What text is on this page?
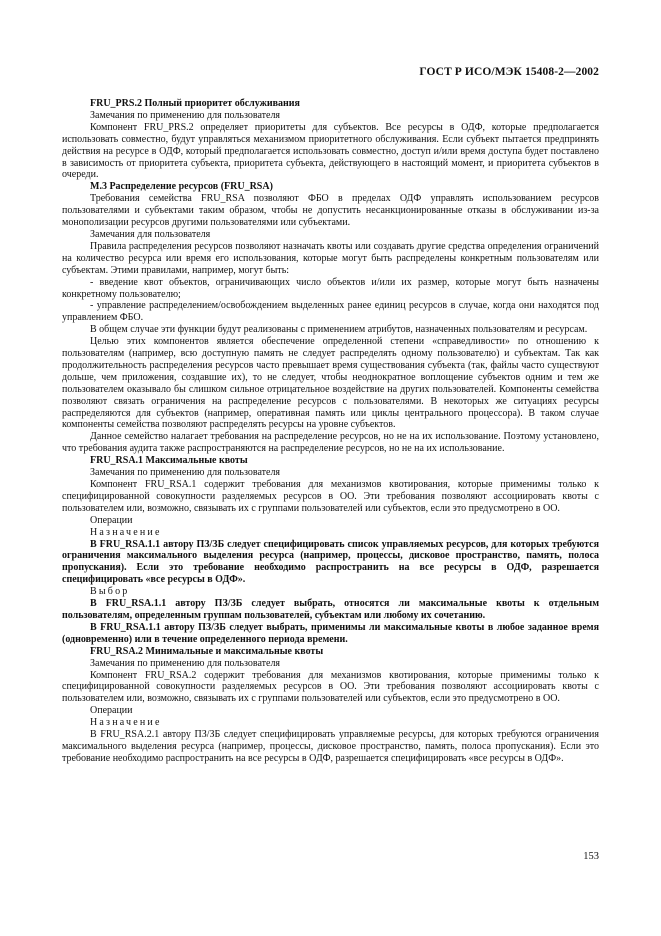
ГОСТ Р ИСО/МЭК 15408-2—2002

FRU_PRS.2 Полный приоритет обслуживания

Замечания по применению для пользователя

Компонент FRU_PRS.2 определяет приоритеты для субъектов. Все ресурсы в ОДФ, которые предполагается использовать совместно, будут управляться механизмом приоритетного обслуживания. Если субъект пытается предпринять действия на ресурсе в ОДФ, который предполагается использовать совместно, доступ и/или время доступа будет поставлено в зависимость от приоритета субъекта, приоритета субъекта, действующего в настоящий момент, и приоритета субъектов в очереди.

М.3 Распределение ресурсов (FRU_RSA)

Требования семейства FRU_RSA позволяют ФБО в пределах ОДФ управлять использованием ресурсов пользователями и субъектами таким образом, чтобы не допустить несанкционированные отказы в обслуживании из-за монополизации ресурсов другими пользователями или субъектами.

Замечания для пользователя

Правила распределения ресурсов позволяют назначать квоты или создавать другие средства определения ограничений на количество ресурса или время его использования, которые могут быть распределены конкретным пользователям или субъектам. Этими правилами, например, могут быть:

- введение квот объектов, ограничивающих число объектов и/или их размер, которые могут быть назначены конкретному пользователю;

- управление распределением/освобождением выделенных ранее единиц ресурсов в случае, когда они находятся под управлением ФБО.

В общем случае эти функции будут реализованы с применением атрибутов, назначенных пользователям и ресурсам.

Целью этих компонентов является обеспечение определенной степени «справедливости» по отношению к пользователям (например, всю доступную память не следует распределять одному пользователю) и субъектам. Так как продолжительность распределения ресурсов часто превышает время существования субъекта (так, файлы часто существуют дольше, чем приложения, создавшие их), то не следует, чтобы неоднократное воплощение субъектов одним и тем же пользователем оказывало бы слишком сильное отрицательное воздействие на других пользователей. Компоненты семейства позволяют связать ограничения на распределение ресурсов с пользователями. В некоторых же ситуациях ресурсы распределяются для субъектов (например, оперативная память или циклы центрального процессора). В таком случае компоненты семейства позволяют распределять ресурсы на уровне субъектов.

Данное семейство налагает требования на распределение ресурсов, но не на их использование. Поэтому установлено, что требования аудита также распространяются на распределение ресурсов, но не на их использование.

FRU_RSA.1 Максимальные квоты

Замечания по применению для пользователя

Компонент FRU_RSA.1 содержит требования для механизмов квотирования, которые применимы только к специфицированной совокупности разделяемых ресурсов в ОО. Эти требования позволяют ассоциировать квоты с пользователем или, возможно, связывать их с группами пользователей или субъектов, если это предусмотрено в ОО.

Операции

Назначение

В FRU_RSA.1.1 автору ПЗ/ЗБ следует специфицировать список управляемых ресурсов, для которых требуются ограничения максимального выделения ресурса (например, процессы, дисковое пространство, память, полоса пропускания). Если это требование необходимо распространить на все ресурсы в ОДФ, разрешается специфицировать «все ресурсы в ОДФ».

Выбор

В FRU_RSA.1.1 автору ПЗ/ЗБ следует выбрать, относятся ли максимальные квоты к отдельным пользователям, определенным группам пользователей, субъектам или любому их сочетанию.

В FRU_RSA.1.1 автору ПЗ/ЗБ следует выбрать, применимы ли максимальные квоты в любое заданное время (одновременно) или в течение определенного периода времени.

FRU_RSA.2 Минимальные и максимальные квоты

Замечания по применению для пользователя

Компонент FRU_RSA.2 содержит требования для механизмов квотирования, которые применимы только к специфицированной совокупности разделяемых ресурсов в ОО. Эти требования позволяют ассоциировать квоты с пользователем или, возможно, связывать их с группами пользователей или субъектов, если это предусмотрено в ОО.

Операции

Назначение

В FRU_RSA.2.1 автору ПЗ/ЗБ следует специфицировать управляемые ресурсы, для которых требуются ограничения максимального выделения ресурса (например, процессы, дисковое пространство, память, полоса пропускания). Если это требование необходимо распространить на все ресурсы в ОДФ, разрешается специфицировать «все ресурсы в ОДФ».

153
